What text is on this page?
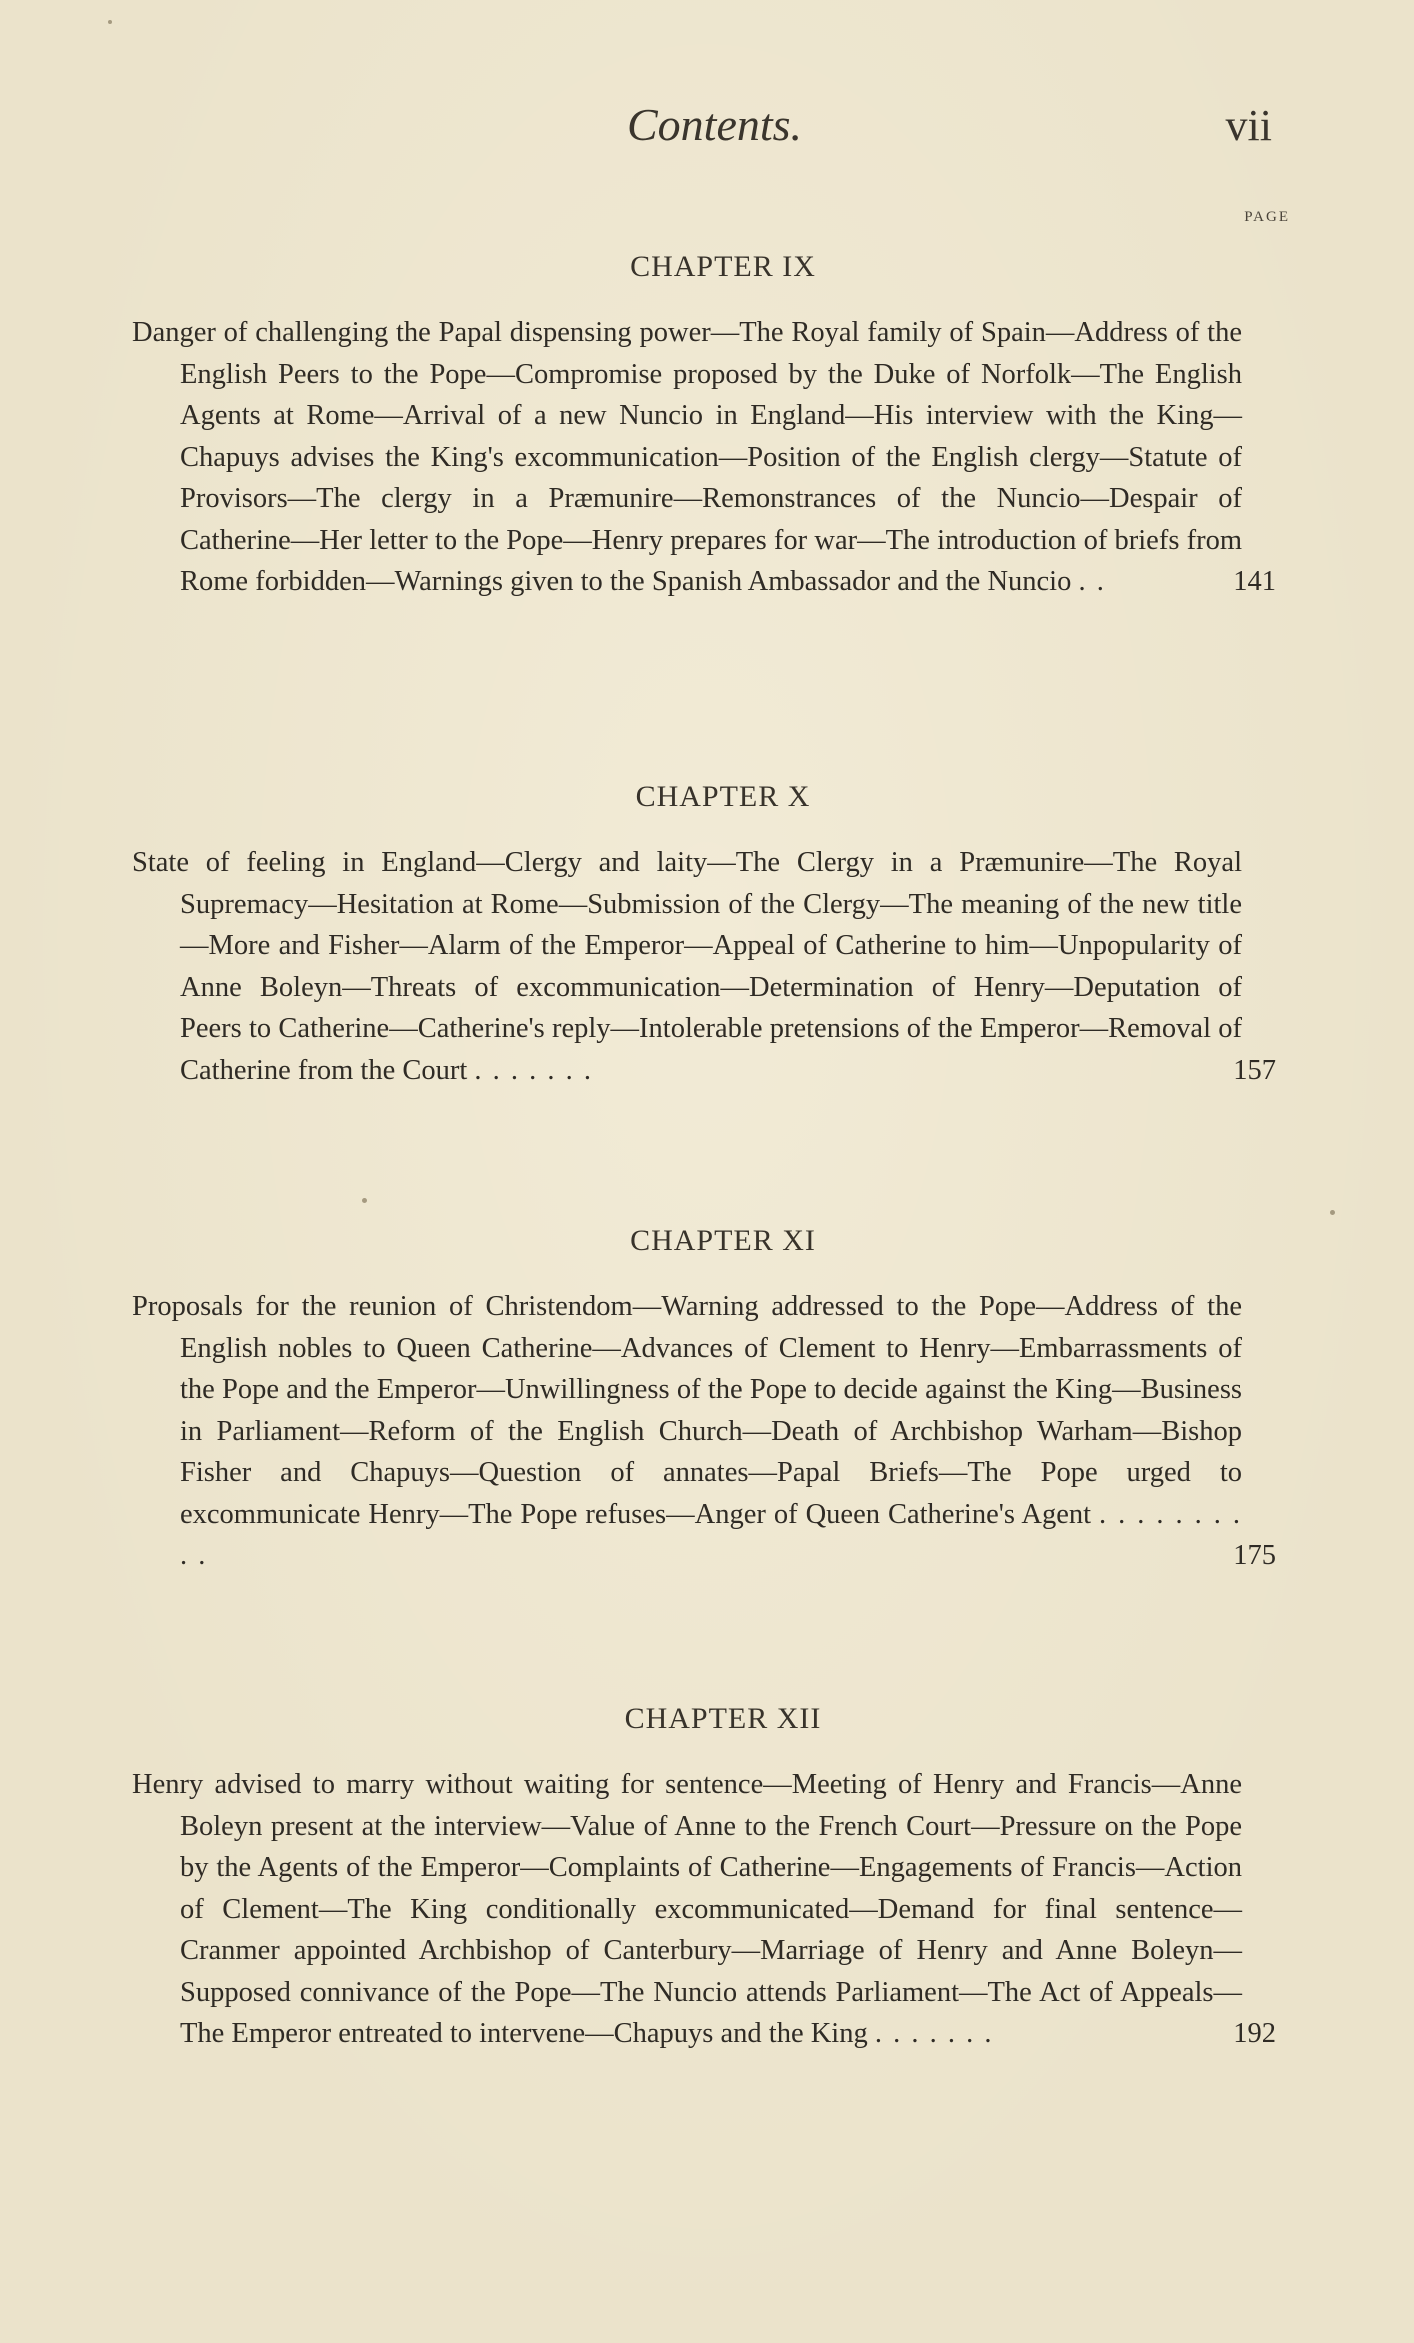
Contents.	vii
PAGE
CHAPTER IX
Danger of challenging the Papal dispensing power—The Royal family of Spain—Address of the English Peers to the Pope—Compromise proposed by the Duke of Norfolk—The English Agents at Rome—Arrival of a new Nuncio in England—His interview with the King—Chapuys advises the King's excommunication—Position of the English clergy—Statute of Provisors—The clergy in a Præmunire—Remonstrances of the Nuncio—Despair of Catherine—Her letter to the Pope—Henry prepares for war—The introduction of briefs from Rome forbidden—Warnings given to the Spanish Ambassador and the Nuncio . .	141
CHAPTER X
State of feeling in England—Clergy and laity—The Clergy in a Præmunire—The Royal Supremacy—Hesitation at Rome—Submission of the Clergy—The meaning of the new title—More and Fisher—Alarm of the Emperor—Appeal of Catherine to him—Unpopularity of Anne Boleyn—Threats of excommunication—Determination of Henry—Deputation of Peers to Catherine—Catherine's reply—Intolerable pretensions of the Emperor—Removal of Catherine from the Court . . . . . . .	157
CHAPTER XI
Proposals for the reunion of Christendom—Warning addressed to the Pope—Address of the English nobles to Queen Catherine—Advances of Clement to Henry—Embarrassments of the Pope and the Emperor—Unwillingness of the Pope to decide against the King—Business in Parliament—Reform of the English Church—Death of Archbishop Warham—Bishop Fisher and Chapuys—Question of annates—Papal Briefs—The Pope urged to excommunicate Henry—The Pope refuses—Anger of Queen Catherine's Agent . . . . . . . . . .	175
CHAPTER XII
Henry advised to marry without waiting for sentence—Meeting of Henry and Francis—Anne Boleyn present at the interview—Value of Anne to the French Court—Pressure on the Pope by the Agents of the Emperor—Complaints of Catherine—Engagements of Francis—Action of Clement—The King conditionally excommunicated—Demand for final sentence—Cranmer appointed Archbishop of Canterbury—Marriage of Henry and Anne Boleyn—Supposed connivance of the Pope—The Nuncio attends Parliament—The Act of Appeals—The Emperor entreated to intervene—Chapuys and the King . . . . . . .	192
